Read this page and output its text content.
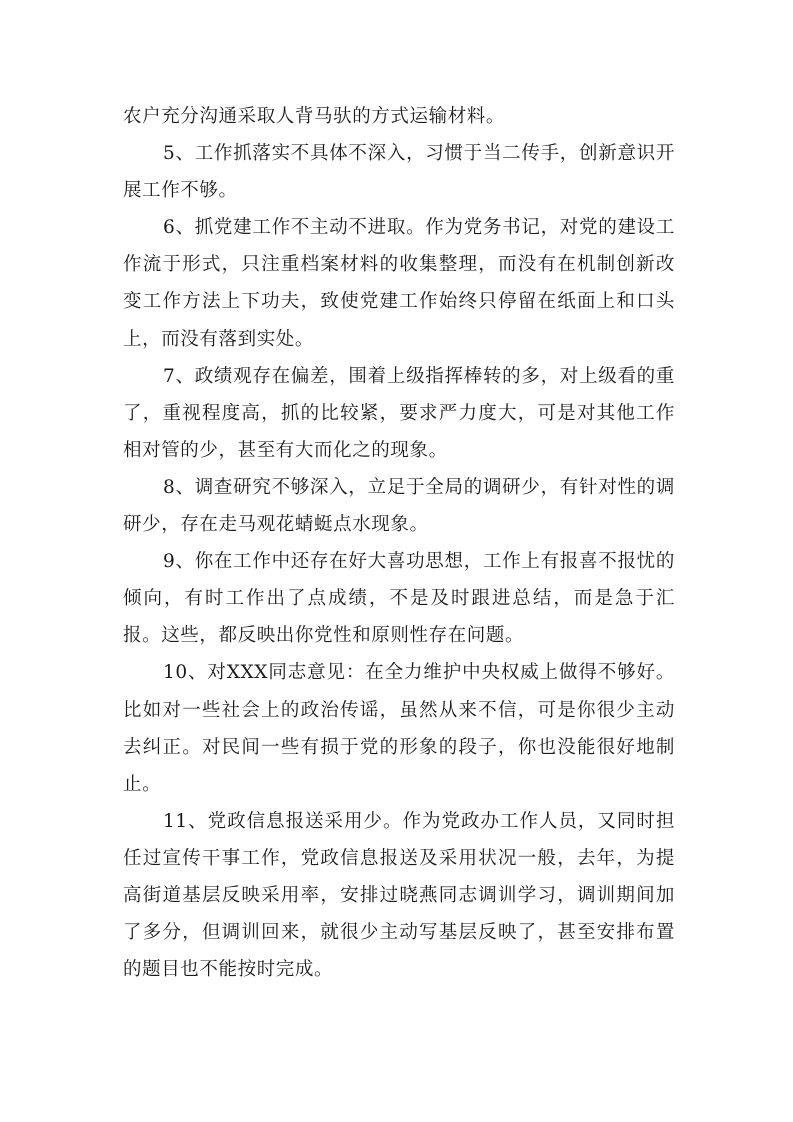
农户充分沟通采取人背马驮的方式运输材料。

5、工作抓落实不具体不深入，习惯于当二传手，创新意识开展工作不够。

6、抓党建工作不主动不进取。作为党务书记，对党的建设工作流于形式，只注重档案材料的收集整理，而没有在机制创新改变工作方法上下功夫，致使党建工作始终只停留在纸面上和口头上，而没有落到实处。

7、政绩观存在偏差，围着上级指挥棒转的多，对上级看的重了，重视程度高，抓的比较紧，要求严力度大，可是对其他工作相对管的少，甚至有大而化之的现象。

8、调查研究不够深入，立足于全局的调研少，有针对性的调研少，存在走马观花蜻蜓点水现象。

9、你在工作中还存在好大喜功思想，工作上有报喜不报忧的倾向，有时工作出了点成绩，不是及时跟进总结，而是急于汇报。这些，都反映出你党性和原则性存在问题。

10、对XXX同志意见：在全力维护中央权威上做得不够好。比如对一些社会上的政治传谣，虽然从来不信，可是你很少主动去纠正。对民间一些有损于党的形象的段子，你也没能很好地制止。

11、党政信息报送采用少。作为党政办工作人员，又同时担任过宣传干事工作，党政信息报送及采用状况一般，去年，为提高街道基层反映采用率，安排过晓燕同志调训学习，调训期间加了多分，但调训回来，就很少主动写基层反映了，甚至安排布置的题目也不能按时完成。
